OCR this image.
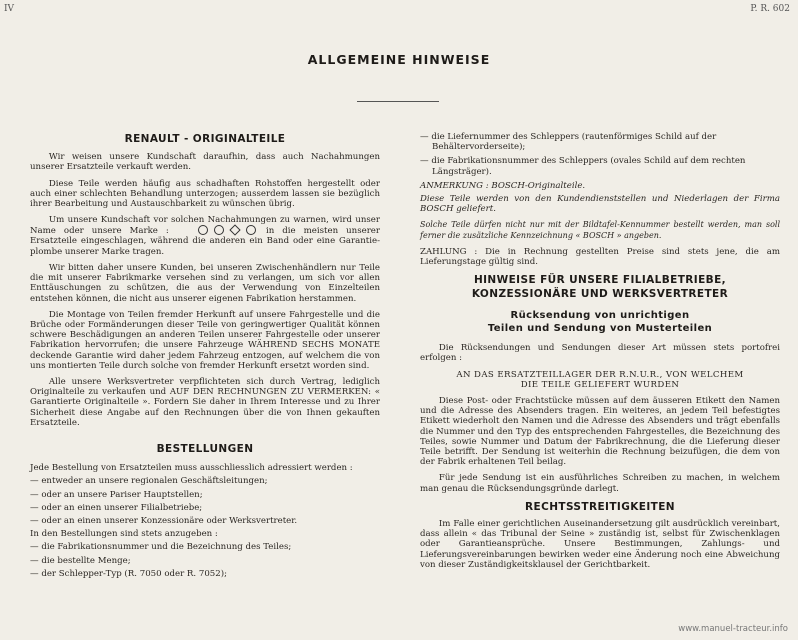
IV	P. R. 602
ALLGEMEINE HINWEISE
RENAULT - ORIGINALTEILE

Wir weisen unsere Kundschaft daraufhin, dass auch Nachahmungen unserer Ersatzteile verkauft werden.

Diese Teile werden häufig aus schadhaften Rohstoffen hergestellt oder auch einer schlechten Behandlung unterzogen; ausserdem lassen sie bezüglich ihrer Bearbeitung und Austauschbarkeit zu wünschen übrig.

Um unsere Kundschaft vor solchen Nachahmungen zu warnen, wird unser Name oder unsere Marke :	in die meisten unserer Ersatzteile eingeschlagen, während die anderen ein Band oder eine Garantie-plombe unserer Marke tragen.

Wir bitten daher unsere Kunden, bei unseren Zwischenhändlern nur Teile die mit unserer Fabrikmarke versehen sind zu verlangen, um sich vor allen Enttäuschungen zu schützen, die aus der Verwendung von Einzelteilen entstehen können, die nicht aus unserer eigenen Fabrikation herstammen.

Die Montage von Teilen fremder Herkunft auf unsere Fahrgestelle und die Brüche oder Formänderungen dieser Teile von geringwertiger Qualität können schwere Beschädigungen an anderen Teilen unserer Fahrgestelle oder unserer Fabrikation hervorrufen; die unsere Fahrzeuge WÄHREND SECHS MONATE deckende Garantie wird daher jedem Fahrzeug entzogen, auf welchem die von uns montierten Teile durch solche von fremder Herkunft ersetzt worden sind.

Alle unsere Werksvertreter verpflichteten sich durch Vertrag, lediglich Originalteile zu verkaufen und AUF DEN RECHNUNGEN ZU VERMERKEN: « Garantierte Originalteile ». Fordern Sie daher in Ihrem Interesse und zu Ihrer Sicherheit diese Angabe auf den Rechnungen über die von Ihnen gekauften Ersatzteile.

BESTELLUNGEN
Jede Bestellung von Ersatzteilen muss ausschliesslich adressiert werden :
— entweder an unsere regionalen Geschäftsleitungen;
— oder an unsere Pariser Hauptstellen;
— oder an einen unserer Filialbetriebe;
— oder an einen unserer Konzessionäre oder Werksvertreter.
In den Bestellungen sind stets anzugeben :
— die Fabrikationsnummer und die Bezeichnung des Teiles;
— die bestellte Menge;
— der Schlepper-Typ (R. 7050 oder R. 7052);
— die Liefernummer des Schleppers (rautenförmiges Schild auf der Behältervorderseite);
— die Fabrikationsnummer des Schleppers (ovales Schild auf dem rechten Längsträger).

ANMERKUNG : BOSCH-Originalteile.

Diese Teile werden von den Kundendienststellen und Niederlagen der Firma BOSCH geliefert.

Solche Teile dürfen nicht nur mit der Bildtafel-Kennummer bestellt werden, man soll ferner die zusätzliche Kennzeichnung « BOSCH » angeben.

ZAHLUNG : Die in Rechnung gestellten Preise sind stets jene, die am Lieferungstage gültig sind.

HINWEISE FÜR UNSERE FILIALBETRIEBE,
KONZESSIONÄRE UND WERKSVERTRETER
Rücksendung von unrichtigen
Teilen und Sendung von Musterteilen

Die Rücksendungen und Sendungen dieser Art müssen stets portofrei erfolgen :

AN DAS ERSATZTEILLAGER DER R.N.U.R., VON WELCHEM
DIE TEILE GELIEFERT WURDEN

Diese Post- oder Frachtstücke müssen auf dem äusseren Etikett den Namen und die Adresse des Absenders tragen. Ein weiteres, an jedem Teil befestigtes Etikett wiederholt den Namen und die Adresse des Absenders und trägt ebenfalls die Nummer und den Typ des entsprechenden Fahrgestelles, die Bezeichnung des Teiles, sowie Nummer und Datum der Fabrikrechnung, die die Lieferung dieser Teile betrifft. Der Sendung ist weiterhin die Rechnung beizufügen, die dem von der Fabrik erhaltenen Teil beilag.

Für jede Sendung ist ein ausführliches Schreiben zu machen, in welchem man genau die Rücksendungsgründe darlegt.

RECHTSSTREITIGKEITEN

Im Falle einer gerichtlichen Auseinandersetzung gilt ausdrücklich vereinbart, dass allein « das Tribunal der Seine » zuständig ist, selbst für Zwischenklagen oder Garantieansprüche. Unsere Bestimmungen, Zahlungs- und Lieferungsvereinbarungen bewirken weder eine Änderung noch eine Abweichung von dieser Zuständigkeitsklausel der Gerichtbarkeit.

www.manuel-tracteur.info
